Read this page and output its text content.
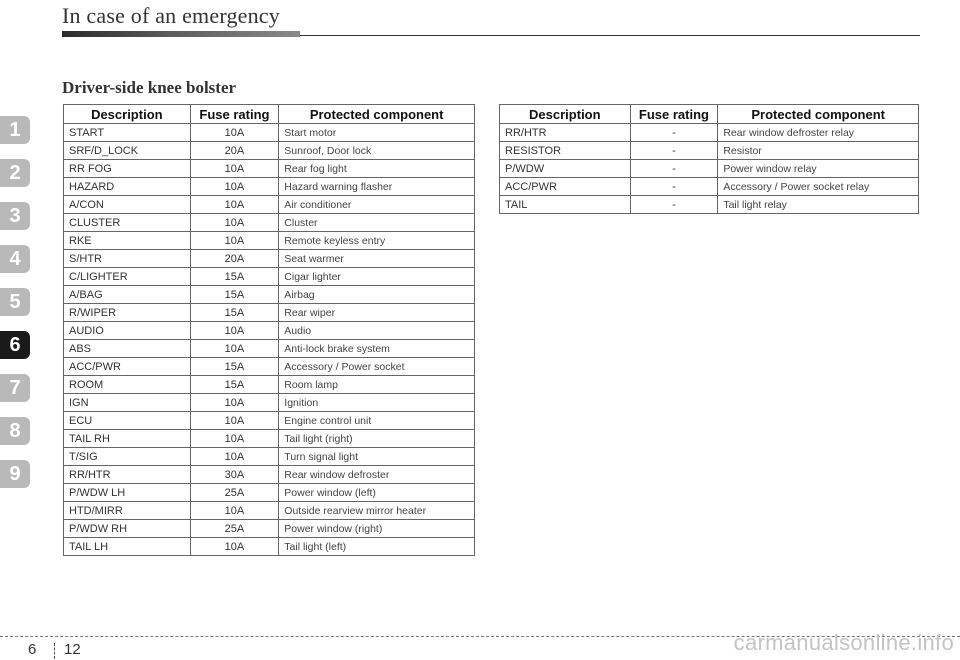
In case of an emergency
Driver-side knee bolster
1
2
3
4
5
6
7
8
9
Description	Fuse rating	Protected component
START	10A	Start motor
SRF/D_LOCK	20A	Sunroof, Door lock
RR FOG	10A	Rear fog light
HAZARD	10A	Hazard warning flasher
A/CON	10A	Air conditioner
CLUSTER	10A	Cluster
RKE	10A	Remote keyless entry
S/HTR	20A	Seat warmer
C/LIGHTER	15A	Cigar lighter
A/BAG	15A	Airbag
R/WIPER	15A	Rear wiper
AUDIO	10A	Audio
ABS	10A	Anti-lock brake system
ACC/PWR	15A	Accessory / Power socket
ROOM	15A	Room lamp
IGN	10A	Ignition
ECU	10A	Engine control unit
TAIL RH	10A	Tail light (right)
T/SIG	10A	Turn signal light
RR/HTR	30A	Rear window defroster
P/WDW LH	25A	Power window (left)
HTD/MIRR	10A	Outside rearview mirror heater
P/WDW RH	25A	Power window (right)
TAIL LH	10A	Tail light (left)
Description	Fuse rating	Protected component
RR/HTR	-	Rear window defroster relay
RESISTOR	-	Resistor
P/WDW	-	Power window relay
ACC/PWR	-	Accessory / Power socket relay
TAIL	-	Tail light relay
6 12	carmanualsonline.info
